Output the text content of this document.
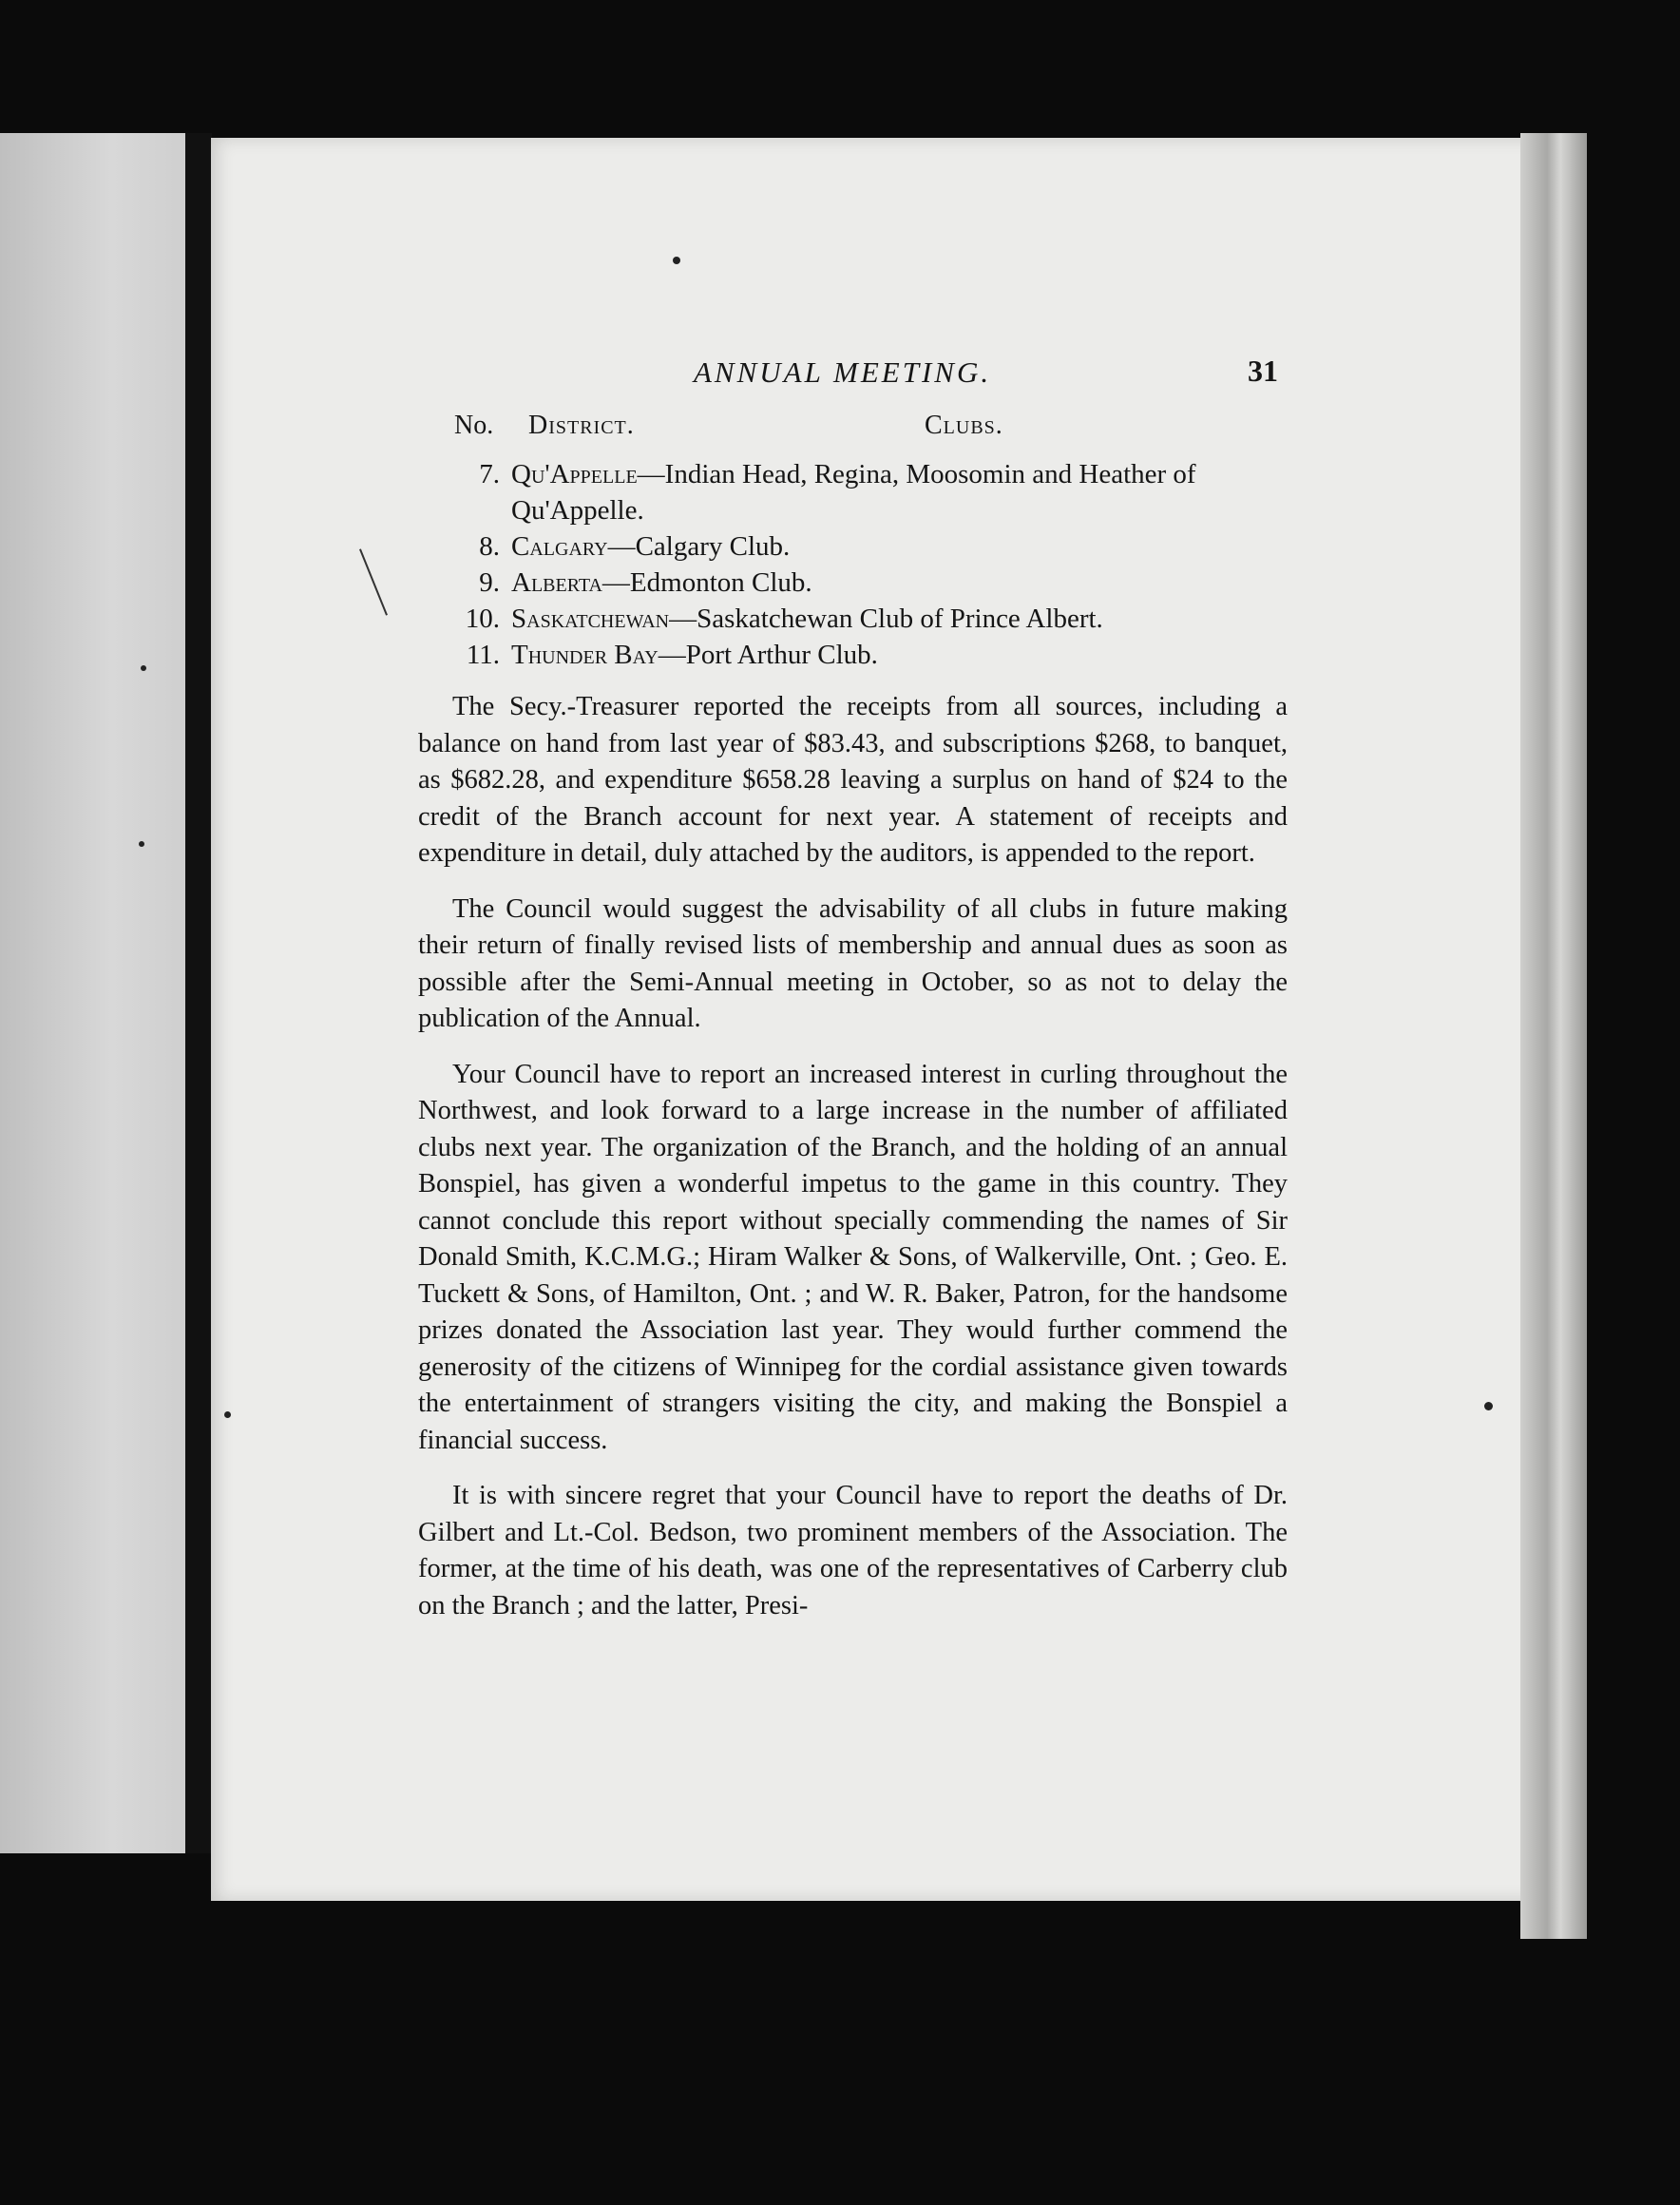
ANNUAL MEETING.	31
No. District.	Clubs.
7. Qu'Appelle—Indian Head, Regina, Moosomin and Heather of Qu'Appelle.
8. Calgary—Calgary Club.
9. Alberta—Edmonton Club.
10. Saskatchewan—Saskatchewan Club of Prince Albert.
11. Thunder Bay—Port Arthur Club.

The Secy.-Treasurer reported the receipts from all sources, including a balance on hand from last year of $83.43, and subscriptions $268, to banquet, as $682.28, and expenditure $658.28 leaving a surplus on hand of $24 to the credit of the Branch account for next year. A statement of receipts and expenditure in detail, duly attached by the auditors, is appended to the report.

The Council would suggest the advisability of all clubs in future making their return of finally revised lists of membership and annual dues as soon as possible after the Semi-Annual meeting in October, so as not to delay the publication of the Annual.

Your Council have to report an increased interest in curling throughout the Northwest, and look forward to a large increase in the number of affiliated clubs next year. The organization of the Branch, and the holding of an annual Bonspiel, has given a wonderful impetus to the game in this country. They cannot conclude this report without specially commending the names of Sir Donald Smith, K.C.M.G.; Hiram Walker & Sons, of Walkerville, Ont. ; Geo. E. Tuckett & Sons, of Hamilton, Ont. ; and W. R. Baker, Patron, for the handsome prizes donated the Association last year. They would further commend the generosity of the citizens of Winnipeg for the cordial assistance given towards the entertainment of strangers visiting the city, and making the Bonspiel a financial success.

It is with sincere regret that your Council have to report the deaths of Dr. Gilbert and Lt.-Col. Bedson, two prominent members of the Association. The former, at the time of his death, was one of the representatives of Carberry club on the Branch ; and the latter, Presi-
